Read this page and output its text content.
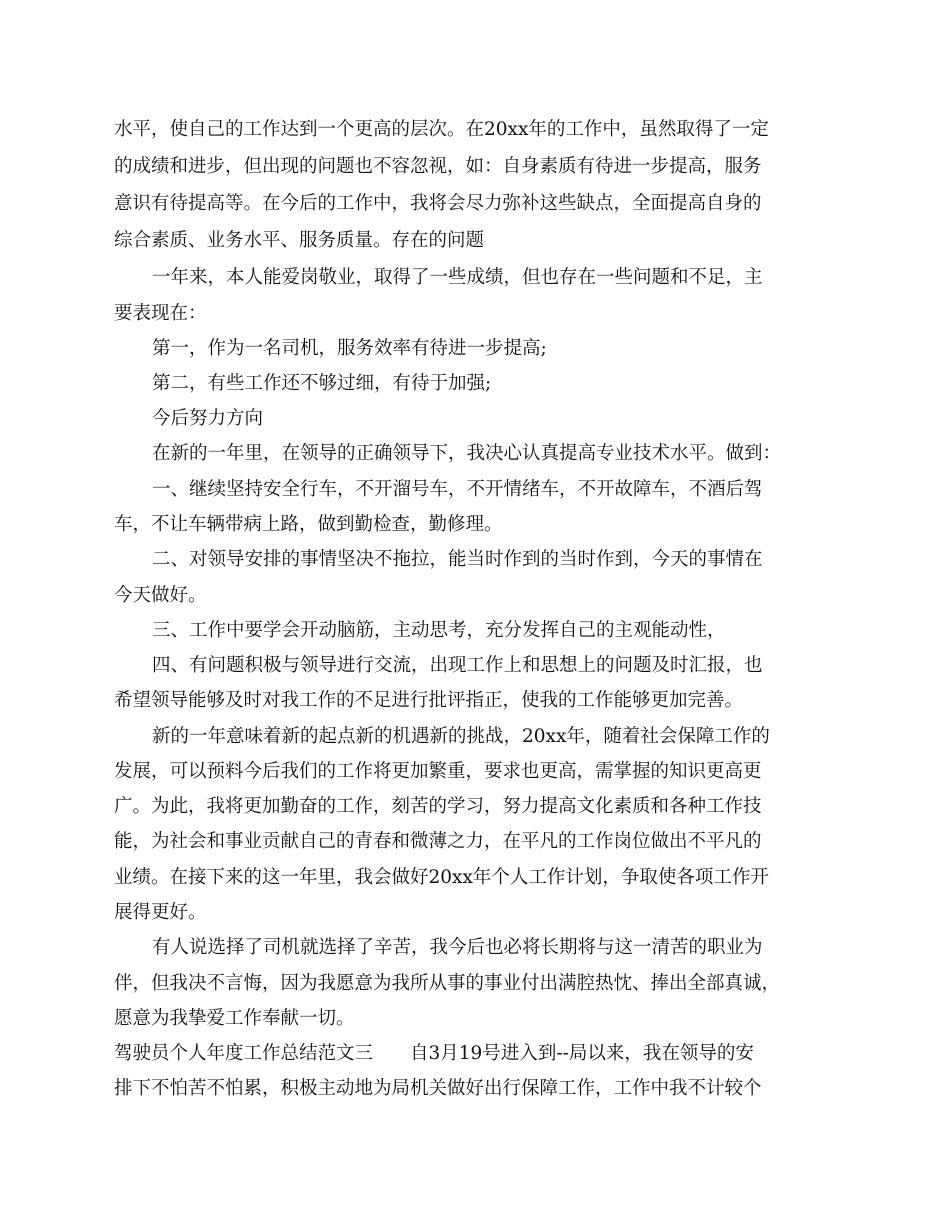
水平，使自己的工作达到一个更高的层次。在20xx年的工作中，虽然取得了一定
的成绩和进步，但出现的问题也不容忽视，如：自身素质有待进一步提高，服务
意识有待提高等。在今后的工作中，我将会尽力弥补这些缺点，全面提高自身的
综合素质、业务水平、服务质量。存在的问题
一年来，本人能爱岗敬业，取得了一些成绩，但也存在一些问题和不足，主
要表现在：
第一，作为一名司机，服务效率有待进一步提高;
第二，有些工作还不够过细，有待于加强;
今后努力方向
在新的一年里，在领导的正确领导下，我决心认真提高专业技术水平。做到：
一、继续坚持安全行车，不开溜号车，不开情绪车，不开故障车，不酒后驾
车，不让车辆带病上路，做到勤检查，勤修理。
二、对领导安排的事情坚决不拖拉，能当时作到的当时作到，今天的事情在
今天做好。
三、工作中要学会开动脑筋，主动思考，充分发挥自己的主观能动性，
四、有问题积极与领导进行交流，出现工作上和思想上的问题及时汇报，也
希望领导能够及时对我工作的不足进行批评指正，使我的工作能够更加完善。
新的一年意味着新的起点新的机遇新的挑战，20xx年，随着社会保障工作的
发展，可以预料今后我们的工作将更加繁重，要求也更高，需掌握的知识更高更
广。为此，我将更加勤奋的工作，刻苦的学习，努力提高文化素质和各种工作技
能，为社会和事业贡献自己的青春和微薄之力，在平凡的工作岗位做出不平凡的
业绩。在接下来的这一年里，我会做好20xx年个人工作计划，争取使各项工作开
展得更好。
有人说选择了司机就选择了辛苦，我今后也必将长期将与这一清苦的职业为
伴，但我决不言悔，因为我愿意为我所从事的事业付出满腔热忱、捧出全部真诚，
愿意为我挚爱工作奉献一切。
驾驶员个人年度工作总结范文三　　自3月19号进入到--局以来，我在领导的安
排下不怕苦不怕累，积极主动地为局机关做好出行保障工作，工作中我不计较个
